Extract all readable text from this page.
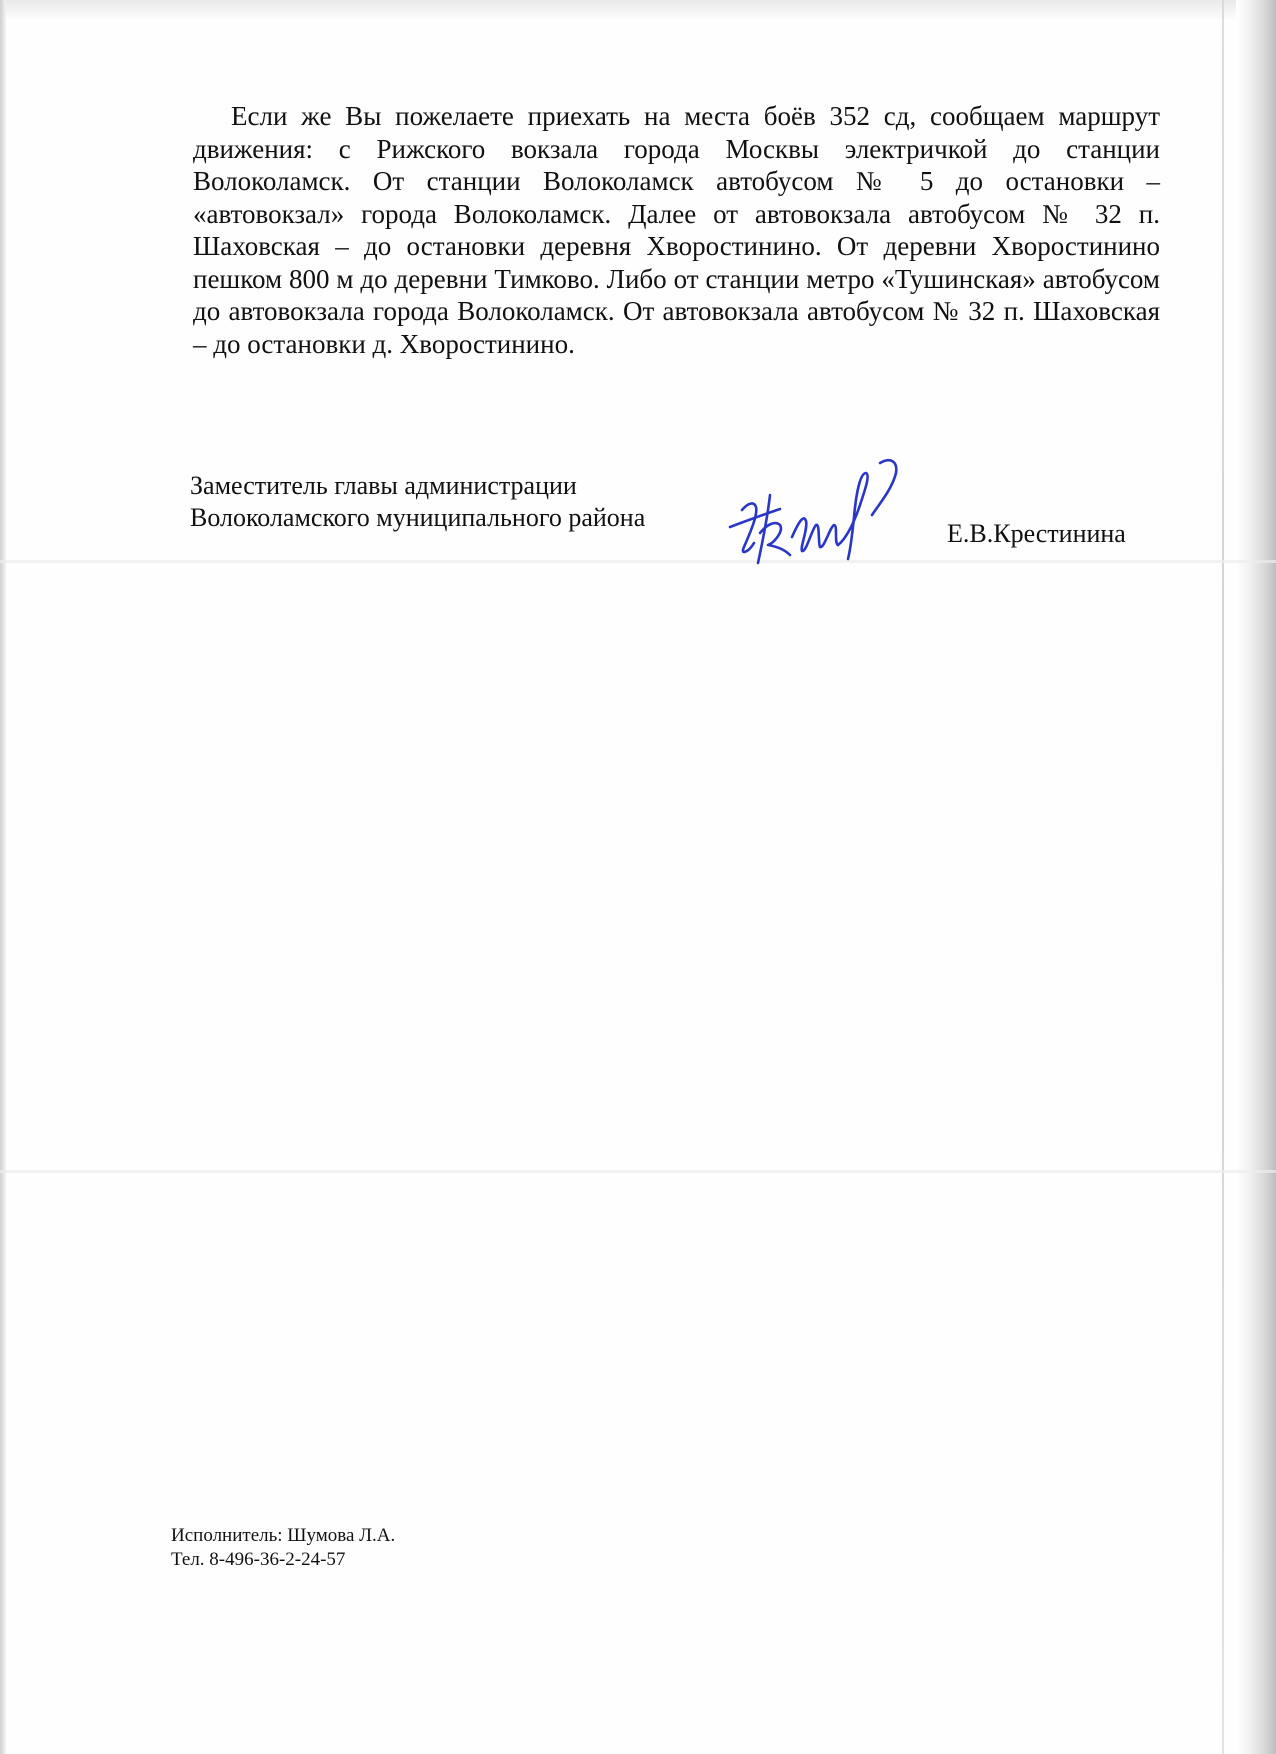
Если же Вы пожелаете приехать на места боёв 352 сд, сообщаем маршрут движения: с Рижского вокзала города Москвы электричкой до станции Волоколамск. От станции Волоколамск автобусом № 5 до остановки – «автовокзал» города Волоколамск. Далее от автовокзала автобусом № 32 п. Шаховская – до остановки деревня Хворостинино. От деревни Хворостинино пешком 800 м до деревни Тимково. Либо от станции метро «Тушинская» автобусом до автовокзала города Волоколамск. От автовокзала автобусом № 32 п. Шаховская – до остановки д. Хворостинино.

Заместитель главы администрации
Волоколамского муниципального района
Е.В.Крестинина
Исполнитель: Шумова Л.А.
Тел. 8-496-36-2-24-57
